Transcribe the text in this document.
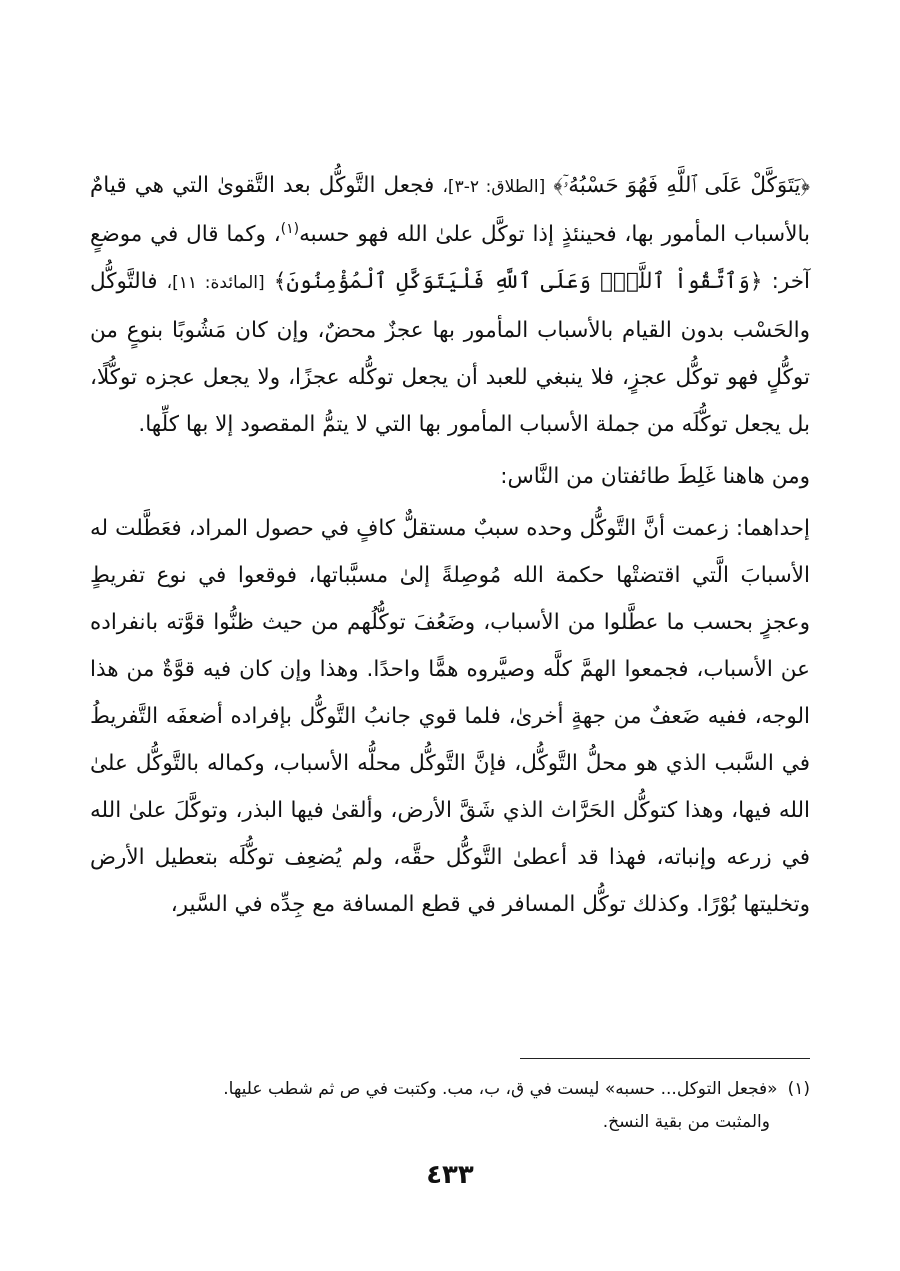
﴿يَتَوَكَّلْ عَلَى ٱللَّهِ فَهُوَ حَسْبُهُۥٓ﴾ [الطلاق: ٢-٣]، فجعل التَّوكُّل بعد التَّقوىٰ التي هي قيامٌ بالأسباب المأمور بها، فحينئذٍ إذا توكَّل علىٰ الله فهو حسبه$^{(١)}$، وكما قال في موضعٍ آخر: ﴿وَٱتَّقُواْ ٱللَّهَۚ وَعَلَى ٱللَّهِ فَلْيَتَوَكَّلِ ٱلْمُؤْمِنُونَ﴾ [المائدة: ١١]، فالتَّوكُّل والحَسْب بدون القيام بالأسباب المأمور بها عجزٌ محضٌ، وإن كان مَشُوبًا بنوعٍ من توكُّلٍ فهو توكُّل عجزٍ، فلا ينبغي للعبد أن يجعل توكُّله عجزًا، ولا يجعل عجزه توكُّلًا، بل يجعل توكُّلَه من جملة الأسباب المأمور بها التي لا يتمُّ المقصود إلا بها كلِّها.

ومن هاهنا غَلِطَ طائفتان من النَّاس:

إحداهما: زعمت أنَّ التَّوكُّل وحده سببٌ مستقلٌّ كافٍ في حصول المراد، فعَطَّلت له الأسبابَ الَّتي اقتضتْها حكمة الله مُوصِلةً إلىٰ مسبَّباتها، فوقعوا في نوع تفريطٍ وعجزٍ بحسب ما عطَّلوا من الأسباب، وضَعُفَ توكُّلُهم من حيث ظنُّوا قوَّته بانفراده عن الأسباب، فجمعوا الهمَّ كلَّه وصيَّروه همًّا واحدًا. وهذا وإن كان فيه قوَّةٌ من هذا الوجه، ففيه ضَعفٌ من جهةٍ أخرىٰ، فلما قوي جانبُ التَّوكُّل بإفراده أضعفَه التَّفريطُ في السَّبب الذي هو محلُّ التَّوكُّل، فإنَّ التَّوكُّل محلُّه الأسباب، وكماله بالتَّوكُّل علىٰ الله فيها، وهذا كتوكُّل الحَرَّاث الذي شَقَّ الأرض، وألقىٰ فيها البذر، وتوكَّلَ علىٰ الله في زرعه وإنباته، فهذا قد أعطىٰ التَّوكُّل حقَّه، ولم يُضعِف توكُّلَه بتعطيل الأرض وتخليتها بُوْرًا. وكذلك توكُّل المسافر في قطع المسافة مع جِدِّه في السَّير،

(١)«فجعل التوكل... حسبه» ليست في ق، ب، مب. وكتبت في ص ثم شطب عليها.
والمثبت من بقية النسخ.
٤٣٣
